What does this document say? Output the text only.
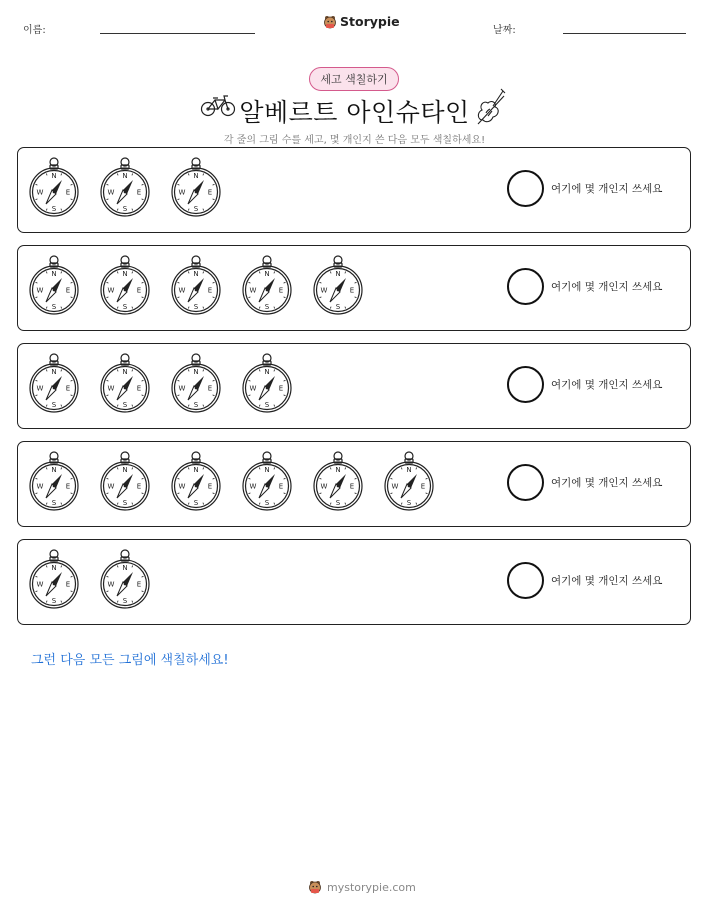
이름:
Storypie
날짜:
세고 색칠하기
알베르트 아인슈타인
각 줄의 그림 수를 세고, 몇 개인지 쓴 다음 모두 색칠하세요!
N
S
E
W
N
S
E
W
N
S
E
W	여기에 몇 개인지 쓰세요
N
S
E
W
N
S
E
W
N
S
E
W
N
S
E
W
N
S
E
W	여기에 몇 개인지 쓰세요
N
S
E
W
N
S
E
W
N
S
E
W
N
S
E
W	여기에 몇 개인지 쓰세요
N
S
E
W
N
S
E
W
N
S
E
W
N
S
E
W
N
S
E
W
N
S
E
W	여기에 몇 개인지 쓰세요
N
S
E
W
N
S
E
W	여기에 몇 개인지 쓰세요
그런 다음 모든 그림에 색칠하세요!
mystorypie.com
